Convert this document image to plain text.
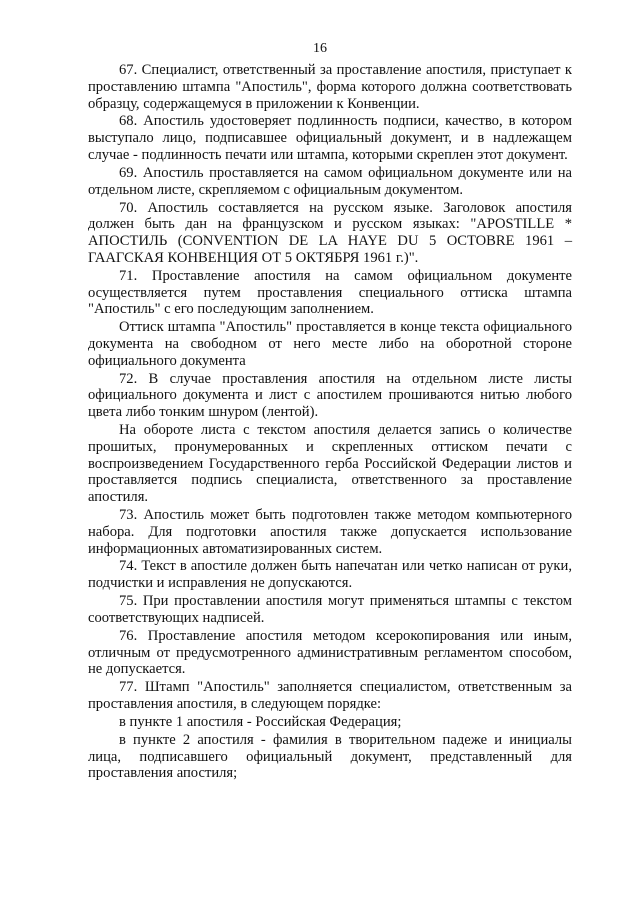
16

67. Специалист, ответственный за проставление апостиля, приступает к проставлению штампа "Апостиль", форма которого должна соответствовать образцу, содержащемуся в приложении к Конвенции.

68. Апостиль удостоверяет подлинность подписи, качество, в котором выступало лицо, подписавшее официальный документ, и в надлежащем случае - подлинность печати или штампа, которыми скреплен этот документ.

69. Апостиль проставляется на самом официальном документе или на отдельном листе, скрепляемом с официальным документом.

70. Апостиль составляется на русском языке. Заголовок апостиля должен быть дан на французском и русском языках: "APOSTILLE * АПОСТИЛЬ (CONVENTION DE LA HAYE DU 5 OCTOBRE 1961 – ГААГСКАЯ КОНВЕНЦИЯ ОТ 5 ОКТЯБРЯ 1961 г.)".

71. Проставление апостиля на самом официальном документе осуществляется путем проставления специального оттиска штампа "Апостиль" с его последующим заполнением.

Оттиск штампа "Апостиль" проставляется в конце текста официального документа на свободном от него месте либо на оборотной стороне официального документа

72. В случае проставления апостиля на отдельном листе листы официального документа и лист с апостилем прошиваются нитью любого цвета либо тонким шнуром (лентой).

На обороте листа с текстом апостиля делается запись о количестве прошитых, пронумерованных и скрепленных оттиском печати с воспроизведением Государственного герба Российской Федерации листов и проставляется подпись специалиста, ответственного за проставление апостиля.

73. Апостиль может быть подготовлен также методом компьютерного набора. Для подготовки апостиля также допускается использование информационных автоматизированных систем.

74. Текст в апостиле должен быть напечатан или четко написан от руки, подчистки и исправления не допускаются.

75. При проставлении апостиля могут применяться штампы с текстом соответствующих надписей.

76. Проставление апостиля методом ксерокопирования или иным, отличным от предусмотренного административным регламентом способом, не допускается.

77. Штамп "Апостиль" заполняется специалистом, ответственным за проставления апостиля, в следующем порядке:

в пункте 1 апостиля - Российская Федерация;

в пункте 2 апостиля - фамилия в творительном падеже и инициалы лица, подписавшего официальный документ, представленный для проставления апостиля;
